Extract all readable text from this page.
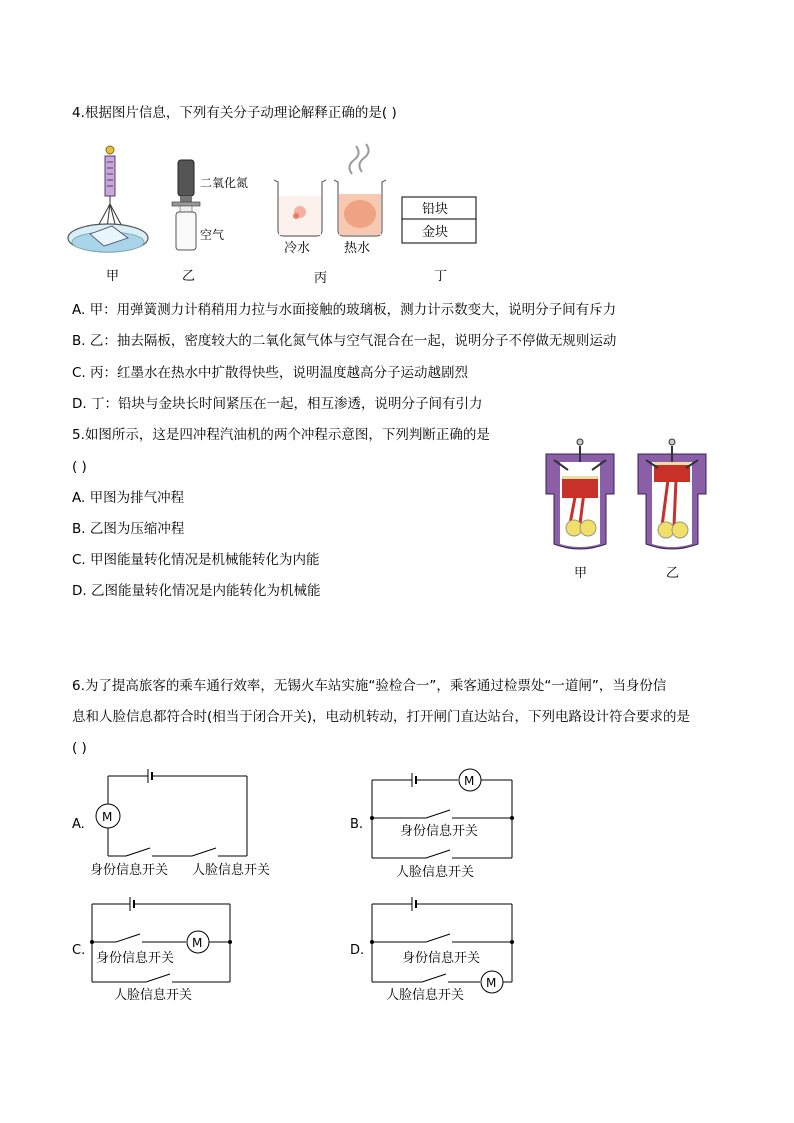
4.根据图片信息，下列有关分子动理论解释正确的是( )
甲
二氧化氮
空气
乙
冷水	热水
丙
铅块
金块
丁
A. 甲：用弹簧测力计稍稍用力拉与水面接触的玻璃板，测力计示数变大，说明分子间有斥力
B. 乙：抽去隔板，密度较大的二氧化氮气体与空气混合在一起，说明分子不停做无规则运动
C. 丙：红墨水在热水中扩散得快些，说明温度越高分子运动越剧烈
D. 丁：铅块与金块长时间紧压在一起，相互渗透，说明分子间有引力
5.如图所示，这是四冲程汽油机的两个冲程示意图，下列判断正确的是
( )
A. 甲图为排气冲程
B. 乙图为压缩冲程
C. 甲图能量转化情况是机械能转化为内能
D. 乙图能量转化情况是内能转化为机械能
甲	乙
6.为了提高旅客的乘车通行效率，无锡火车站实施“验检合一”，乘客通过检票处“一道闸”，当身份信
息和人脸信息都符合时(相当于闭合开关)，电动机转动，打开闸门直达站台，下列电路设计符合要求的是
( )
A. M
身份信息开关 人脸信息开关
B.
M
身份信息开关
人脸信息开关
C.	M
身份信息开关
人脸信息开关
D.
身份信息开关
M
人脸信息开关
